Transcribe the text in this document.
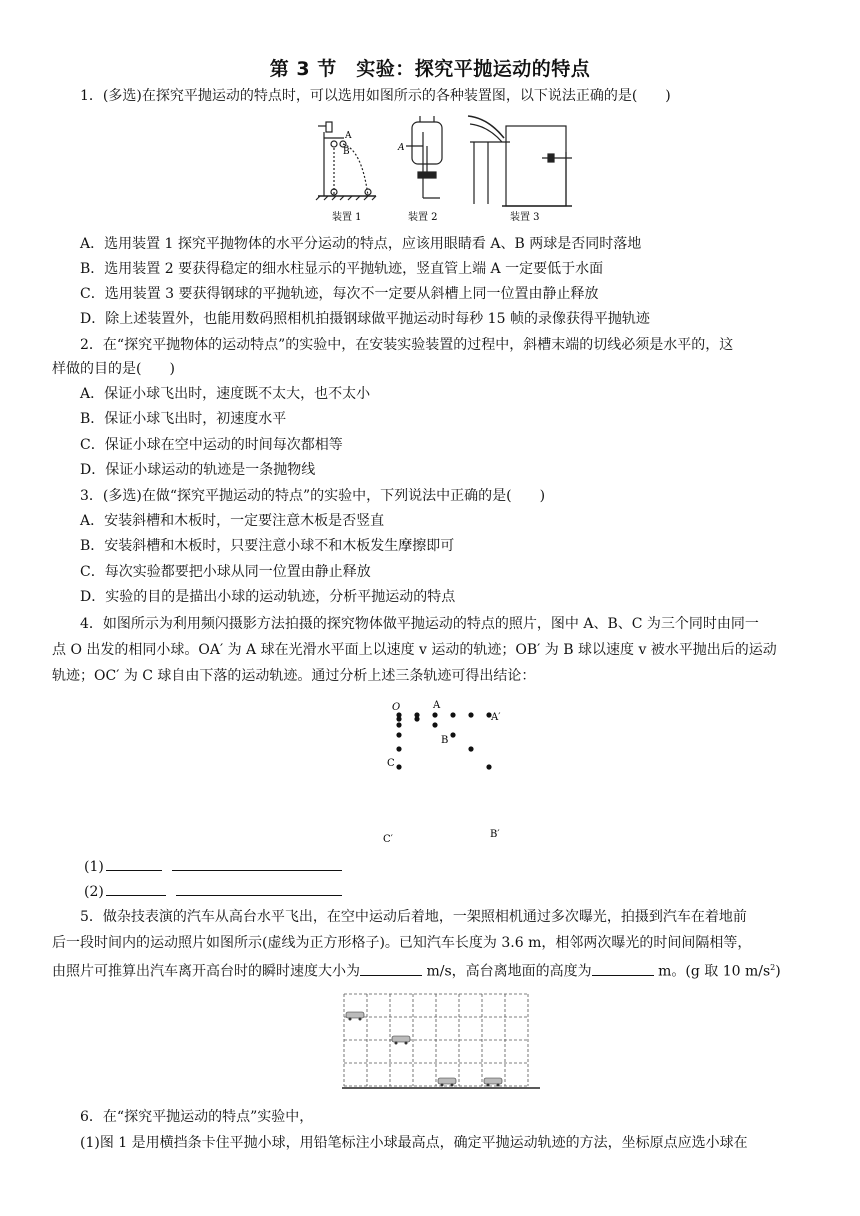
第 3 节　实验：探究平抛运动的特点
1．(多选)在探究平抛运动的特点时，可以选用如图所示的各种装置图，以下说法正确的是(　　)
A
B	A
装置 1	装置 2	装置 3
A．选用装置 1 探究平抛物体的水平分运动的特点，应该用眼睛看 A、B 两球是否同时落地
B．选用装置 2 要获得稳定的细水柱显示的平抛轨迹，竖直管上端 A 一定要低于水面
C．选用装置 3 要获得钢球的平抛轨迹，每次不一定要从斜槽上同一位置由静止释放
D．除上述装置外，也能用数码照相机拍摄钢球做平抛运动时每秒 15 帧的录像获得平抛轨迹
2．在“探究平抛物体的运动特点”的实验中，在安装实验装置的过程中，斜槽末端的切线必须是水平的，这
样做的目的是(　　)
A．保证小球飞出时，速度既不太大，也不太小
B．保证小球飞出时，初速度水平
C．保证小球在空中运动的时间每次都相等
D．保证小球运动的轨迹是一条抛物线
3．(多选)在做“探究平抛运动的特点”的实验中，下列说法中正确的是(　　)
A．安装斜槽和木板时，一定要注意木板是否竖直
B．安装斜槽和木板时，只要注意小球不和木板发生摩擦即可
C．每次实验都要把小球从同一位置由静止释放
D．实验的目的是描出小球的运动轨迹，分析平抛运动的特点
4．如图所示为利用频闪摄影方法拍摄的探究物体做平抛运动的特点的照片，图中 A、B、C 为三个同时由同一
点 O 出发的相同小球。OA′ 为 A 球在光滑水平面上以速度 v 运动的轨迹；OB′ 为 B 球以速度 v 被水平抛出后的运动
轨迹；OC′ 为 C 球自由下落的运动轨迹。通过分析上述三条轨迹可得出结论：
O	A
A′
B
B′
C
C′
(1)
(2)
5．做杂技表演的汽车从高台水平飞出，在空中运动后着地，一架照相机通过多次曝光，拍摄到汽车在着地前
后一段时间内的运动照片如图所示(虚线为正方形格子)。已知汽车长度为 3.6 m，相邻两次曝光的时间间隔相等，
由照片可推算出汽车离开高台时的瞬时速度大小为	m/s，高台离地面的高度为	m。(g 取 10 $m/s^2$)
6．在“探究平抛运动的特点”实验中，
(1)图 1 是用横挡条卡住平抛小球，用铅笔标注小球最高点，确定平抛运动轨迹的方法，坐标原点应选小球在
